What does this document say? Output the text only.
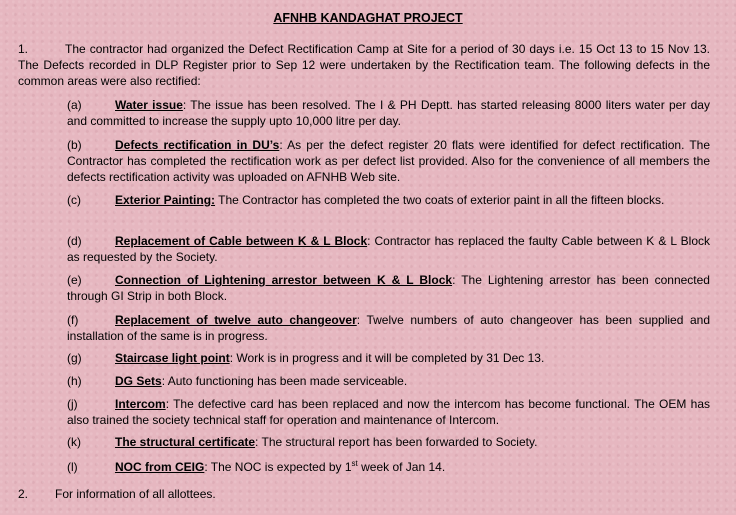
AFNHB KANDAGHAT PROJECT
1.	The contractor had organized the Defect Rectification Camp at Site for a period of 30 days i.e. 15 Oct 13 to 15 Nov 13. The Defects recorded in DLP Register prior to Sep 12 were undertaken by the Rectification team. The following defects in the common areas were also rectified:
(a)	Water issue: The issue has been resolved. The I & PH Deptt. has started releasing 8000 liters water per day and committed to increase the supply upto 10,000 litre per day.
(b)	Defects rectification in DU’s: As per the defect register 20 flats were identified for defect rectification. The Contractor has completed the rectification work as per defect list provided. Also for the convenience of all members the defects rectification activity was uploaded on AFNHB Web site.
(c)	Exterior Painting: The Contractor has completed the two coats of exterior paint in all the fifteen blocks.
(d)	Replacement of Cable between K & L Block: Contractor has replaced the faulty Cable between K & L Block as requested by the Society.
(e)	Connection of Lightening arrestor between K & L Block: The Lightening arrestor has been connected through GI Strip in both Block.
(f)	Replacement of twelve auto changeover: Twelve numbers of auto changeover has been supplied and installation of the same is in progress.
(g)	Staircase light point: Work is in progress and it will be completed by 31 Dec 13.
(h)	DG Sets: Auto functioning has been made serviceable.
(j)	Intercom: The defective card has been replaced and now the intercom has become functional. The OEM has also trained the society technical staff for operation and maintenance of Intercom.
(k)	The structural certificate: The structural report has been forwarded to Society.
(l)	NOC from CEIG: The NOC is expected by 1st week of Jan 14.
2. For information of all allottees.
